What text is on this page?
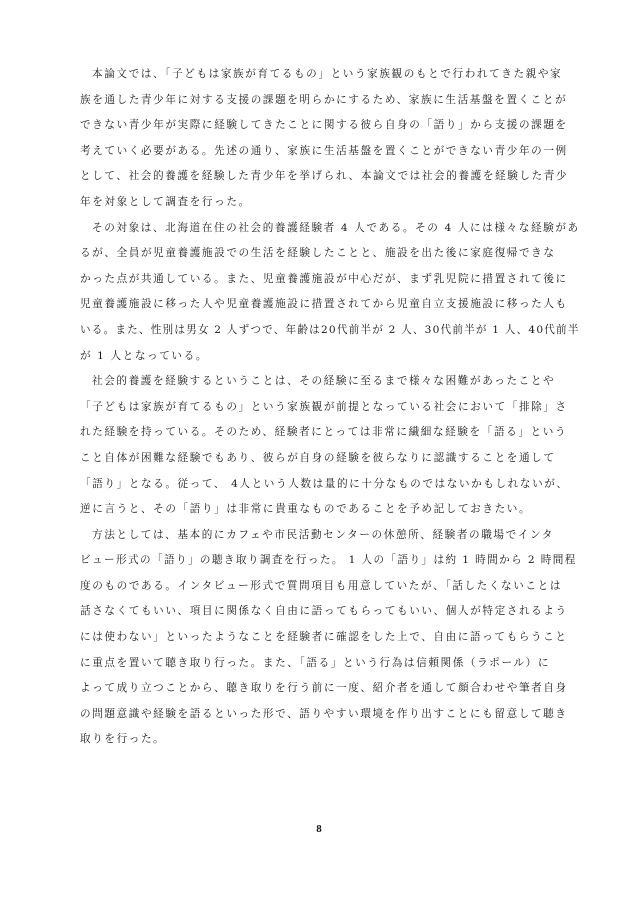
本論文では、「子どもは家族が育てるもの」という家族観のもとで行われてきた親や家
族を通した青少年に対する支援の課題を明らかにするため、家族に生活基盤を置くことが
できない青少年が実際に経験してきたことに関する彼ら自身の「語り」から支援の課題を
考えていく必要がある。先述の通り、家族に生活基盤を置くことができない青少年の一例
として、社会的養護を経験した青少年を挙げられ、本論文では社会的養護を経験した青少
年を対象として調査を行った。
その対象は、北海道在住の社会的養護経験者 4 人である。その 4 人には様々な経験があ
るが、全員が児童養護施設での生活を経験したことと、施設を出た後に家庭復帰できな
かった点が共通している。また、児童養護施設が中心だが、まず乳児院に措置されて後に
児童養護施設に移った人や児童養護施設に措置されてから児童自立支援施設に移った人も
いる。また、性別は男女 2 人ずつで、年齢は20代前半が 2 人、30代前半が 1 人、40代前半
が 1 人となっている。
社会的養護を経験するということは、その経験に至るまで様々な困難があったことや
「子どもは家族が育てるもの」という家族観が前提となっている社会において「排除」さ
れた経験を持っている。そのため、経験者にとっては非常に繊細な経験を「語る」という
こと自体が困難な経験でもあり、彼らが自身の経験を彼らなりに認識することを通して
「語り」となる。従って、 4人という人数は量的に十分なものではないかもしれないが、
逆に言うと、その「語り」は非常に貴重なものであることを予め記しておきたい。
方法としては、基本的にカフェや市民活動センターの休憩所、経験者の職場でインタ
ビュー形式の「語り」の聴き取り調査を行った。 1 人の「語り」は約 1 時間から 2 時間程
度のものである。インタビュー形式で質問項目も用意していたが、「話したくないことは
話さなくてもいい、項目に関係なく自由に語ってもらってもいい、個人が特定されるよう
には使わない」といったようなことを経験者に確認をした上で、自由に語ってもらうこと
に重点を置いて聴き取り行った。また、「語る」という行為は信頼関係（ラポール）に
よって成り立つことから、聴き取りを行う前に一度、紹介者を通して顔合わせや筆者自身
の問題意識や経験を語るといった形で、語りやすい環境を作り出すことにも留意して聴き
取りを行った。
8
